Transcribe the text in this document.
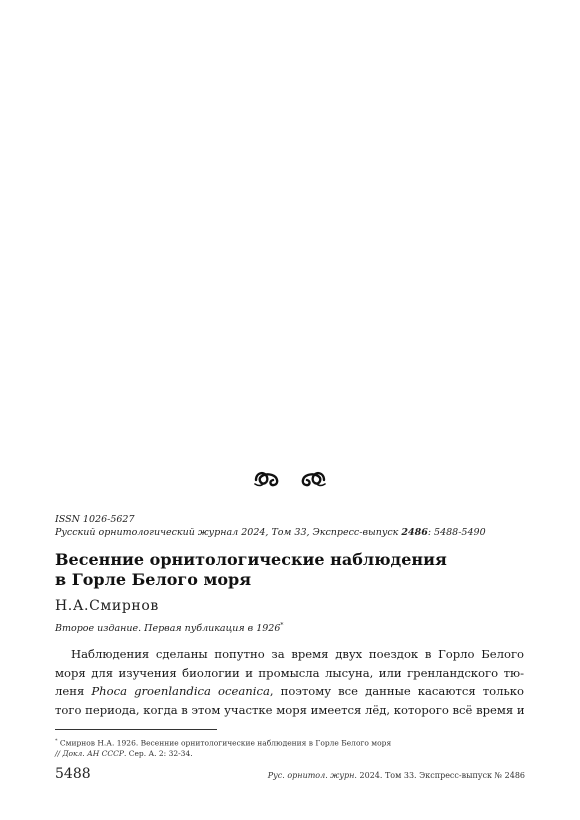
ISSN 1026-5627
Русский орнитологический журнал 2024, Том 33, Экспресс-выпуск 2486: 5488-5490
Весенние орнитологические наблюдения
в Горле Белого моря
Н.А.Смирнов
Второе издание. Первая публикация в 1926*
Наблюдения сделаны попутно за время двух поездок в Горло Белого
моря для изучения биологии и промысла лысуна, или гренландского тю-
леня Phoca groenlandica oceanica, поэтому все данные касаются только
того периода, когда в этом участке моря имеется лёд, которого всё время и
* Смирнов Н.А. 1926. Весенние орнитологические наблюдения в Горле Белого моря
// Докл. АН СССР. Сер. А. 2: 32-34.
5488	Рус. орнитол. журн. 2024. Том 33. Экспресс-выпуск № 2486
